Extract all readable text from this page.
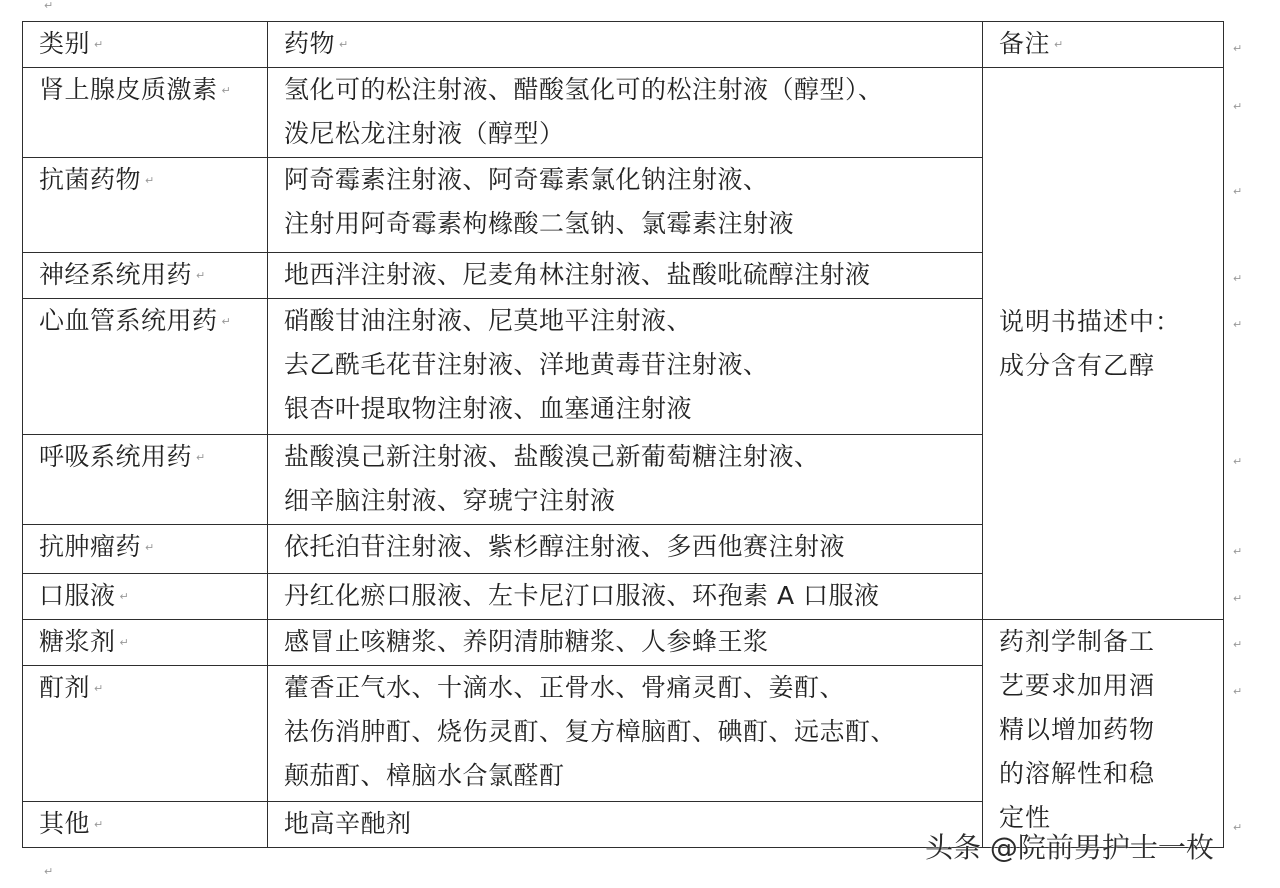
↵
类别 ↵	药物 ↵	备注 ↵
肾上腺皮质激素 ↵	氢化可的松注射液、醋酸氢化可的松注射液（醇型）、
泼尼松龙注射液（醇型）	说明书描述中：
成分含有乙醇

抗菌药物 ↵	阿奇霉素注射液、阿奇霉素氯化钠注射液、
注射用阿奇霉素枸橼酸二氢钠、氯霉素注射液	

神经系统用药 ↵	地西泮注射液、尼麦角林注射液、盐酸吡硫醇注射液	

心血管系统用药 ↵	硝酸甘油注射液、尼莫地平注射液、
去乙酰毛花苷注射液、洋地黄毒苷注射液、
银杏叶提取物注射液、血塞通注射液	

呼吸系统用药 ↵	盐酸溴己新注射液、盐酸溴己新葡萄糖注射液、
细辛脑注射液、穿琥宁注射液	

抗肿瘤药 ↵	依托泊苷注射液、紫杉醇注射液、多西他赛注射液	

口服液 ↵	丹红化瘀口服液、左卡尼汀口服液、环孢素 A 口服液	

糖浆剂 ↵	感冒止咳糖浆、养阴清肺糖浆、人参蜂王浆	药剂学制备工
艺要求加用酒
精以增加药物
的溶解性和稳
定性

酊剂 ↵	藿香正气水、十滴水、正骨水、骨痛灵酊、姜酊、
祛伤消肿酊、烧伤灵酊、复方樟脑酊、碘酊、远志酊、
颠茄酊、樟脑水合氯醛酊	

其他 ↵	地高辛酏剂	
↵
↵
↵
↵
↵
↵
↵
↵
↵
↵
↵
↵
头条 @院前男护士一枚
